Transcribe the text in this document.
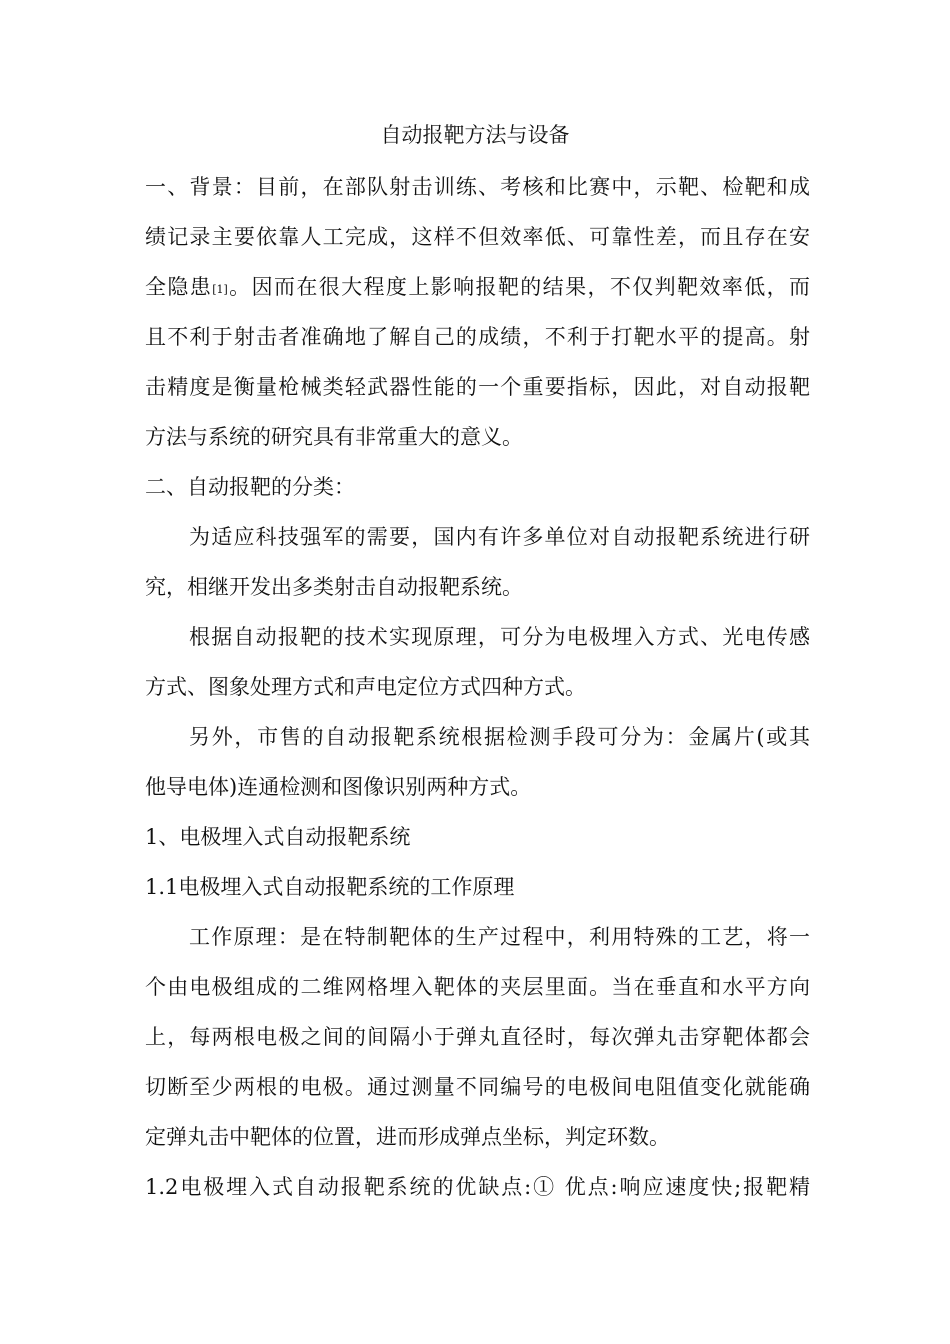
自动报靶方法与设备
一、背景：目前，在部队射击训练、考核和比赛中，示靶、检靶和成
绩记录主要依靠人工完成，这样不但效率低、可靠性差，而且存在安
全隐患[1]。因而在很大程度上影响报靶的结果，不仅判靶效率低，而
且不利于射击者准确地了解自己的成绩，不利于打靶水平的提高。射
击精度是衡量枪械类轻武器性能的一个重要指标，因此，对自动报靶
方法与系统的研究具有非常重大的意义。
二、自动报靶的分类：
为适应科技强军的需要，国内有许多单位对自动报靶系统进行研
究，相继开发出多类射击自动报靶系统。
根据自动报靶的技术实现原理，可分为电极埋入方式、光电传感
方式、图象处理方式和声电定位方式四种方式。
另外，市售的自动报靶系统根据检测手段可分为：金属片(或其
他导电体)连通检测和图像识别两种方式。
1、电极埋入式自动报靶系统
1.1电极埋入式自动报靶系统的工作原理
工作原理：是在特制靶体的生产过程中，利用特殊的工艺，将一
个由电极组成的二维网格埋入靶体的夹层里面。当在垂直和水平方向
上，每两根电极之间的间隔小于弹丸直径时，每次弹丸击穿靶体都会
切断至少两根的电极。通过测量不同编号的电极间电阻值变化就能确
定弹丸击中靶体的位置，进而形成弹点坐标，判定环数。
1.2电极埋入式自动报靶系统的优缺点:① 优点:响应速度快;报靶精
